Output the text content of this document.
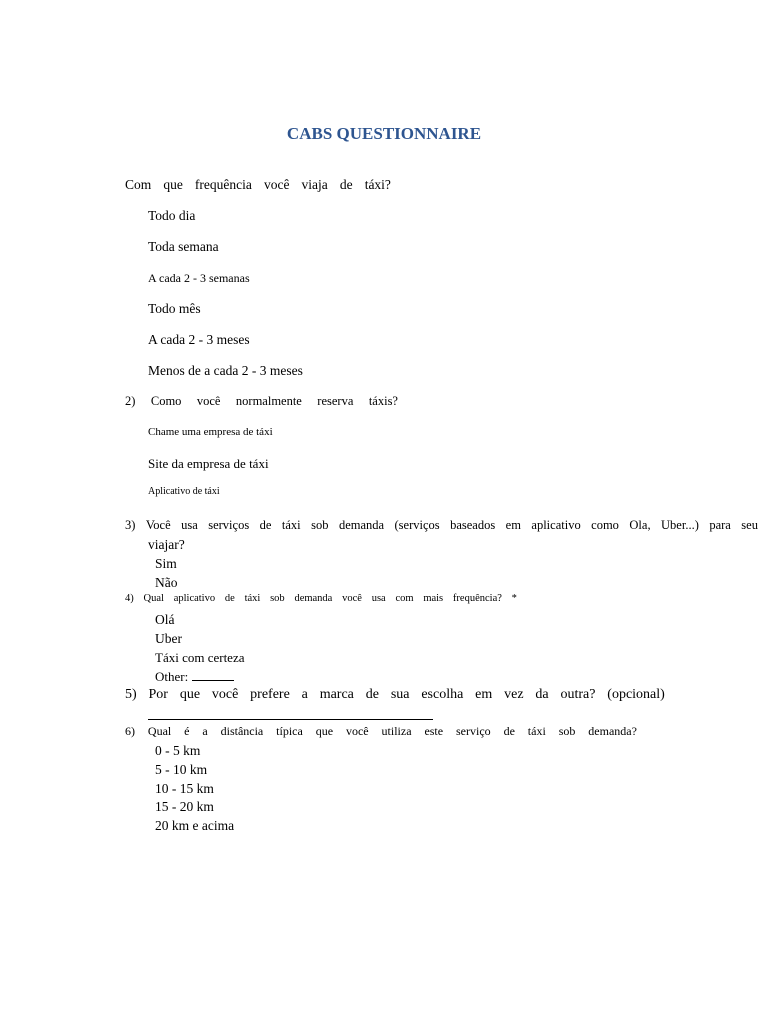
CABS QUESTIONNAIRE
Com que frequência você viaja de táxi?
Todo dia
Toda semana
A cada 2 - 3 semanas
Todo mês
A cada 2 - 3 meses
Menos de a cada 2 - 3 meses
2) Como você normalmente reserva táxis?
Chame uma empresa de táxi
Site da empresa de táxi
Aplicativo de táxi
3) Você usa serviços de táxi sob demanda (serviços baseados em aplicativo como Ola, Uber...) para seu
viajar?
Sim
Não
4) Qual aplicativo de táxi sob demanda você usa com mais frequência? *
Olá
Uber
Táxi com certeza
Other:
5) Por que você prefere a marca de sua escolha em vez da outra? (opcional)
6) Qual é a distância típica que você utiliza este serviço de táxi sob demanda?
0 - 5 km
5 - 10 km
10 - 15 km
15 - 20 km
20 km e acima
